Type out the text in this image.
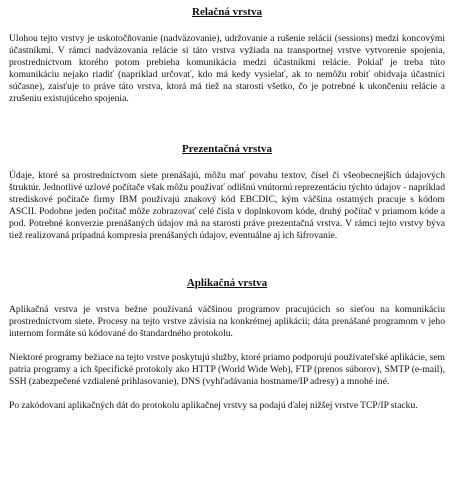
Relačná vrstva

Ulohou tejto vrstvy je uskotočňovanie (nadväzovanie), udržovanie a rušenie relácií (sessions) medzi koncovými účastníkmi. V rámci nadväzovania relácie si táto vrstva vyžiada na transportnej vrstve vytvorenie spojenia, prostredníctvom ktorého potom prebieha komunikácia medzi účastníkmi relácie. Pokiaľ je treba túto komunikáciu nejako riadiť (napríklad určovať, kdo má kedy vysielať, ak to nemôžu robiť obidvaja účastníci súčasne), zaisťuje to práve táto vrstva, ktorá má tiež na starosti všetko, čo je potrebné k ukončeniu relácie a zrušeniu existujúceho spojenia.

Prezentačná vrstva

Údaje, ktoré sa prostredníctvom siete prenášajú, môžu mať povahu textov, čísel či všeobecnejších údajových štruktúr. Jednotlivé uzlové počítače však môžu používať odlišnú vnútornú reprezentáciu týchto údajov - napríklad strediskové počítače firmy IBM používajú znakový kód EBCDIC, kým väčšina ostatných pracuje s kódom ASCII. Podobne jeden počítač môže zobrazovať celé čísla v doplnkovom kóde, druhý počítač v priamom kóde a pod. Potrebné konverzie prenášaných údajov má na starosti práve prezentačná vrstva. V rámci tejto vrstvy býva tiež realizovaná prípadná kompresia prenášaných údajov, eventuálne aj ich šifrovanie.

Aplikačná vrstva

Aplikačná vrstva je vrstva bežne používaná väčšinou programov pracujúcich so sieťou na komunikáciu prostredníctvom siete. Procesy na tejto vrstve závisia na konkrétnej aplikácii; dáta prenášané programom v jeho internom formáte sú kódované do štandardného protokolu.

Niektoré programy bežiace na tejto vrstve poskytujú služby, ktoré priamo podporujú používateľské aplikácie, sem patria programy a ich špecifické protokoly ako HTTP (World Wide Web), FTP (prenos súborov), SMTP (e-mail), SSH (zabezpečené vzdialené prihlasovanie), DNS (vyhľadávania hostname/IP adresy) a mnohé iné.

Po zakódovaní aplikačných dát do protokolu aplikačnej vrstvy sa podajú ďalej nižšej vrstve TCP/IP stacku.
